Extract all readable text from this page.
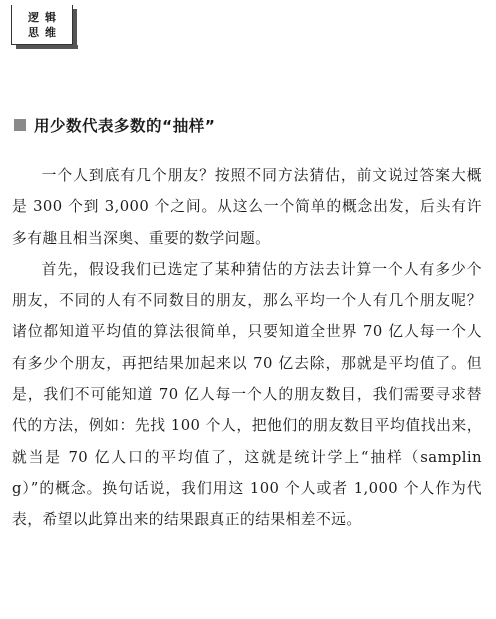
逻辑
思维
用少数代表多数的“抽样”

一个人到底有几个朋友？按照不同方法猜估，前文说过答案大概是 300 个到 3,000 个之间。从这么一个简单的概念出发，后头有许多有趣且相当深奥、重要的数学问题。

首先，假设我们已选定了某种猜估的方法去计算一个人有多少个朋友，不同的人有不同数目的朋友，那么平均一个人有几个朋友呢？诸位都知道平均值的算法很简单，只要知道全世界 70 亿人每一个人有多少个朋友，再把结果加起来以 70 亿去除，那就是平均值了。但是，我们不可能知道 70 亿人每一个人的朋友数目，我们需要寻求替代的方法，例如：先找 100 个人，把他们的朋友数目平均值找出来，就当是 70 亿人口的平均值了，这就是统计学上“抽样（sampling）”的概念。换句话说，我们用这 100 个人或者 1,000 个人作为代表，希望以此算出来的结果跟真正的结果相差不远。
